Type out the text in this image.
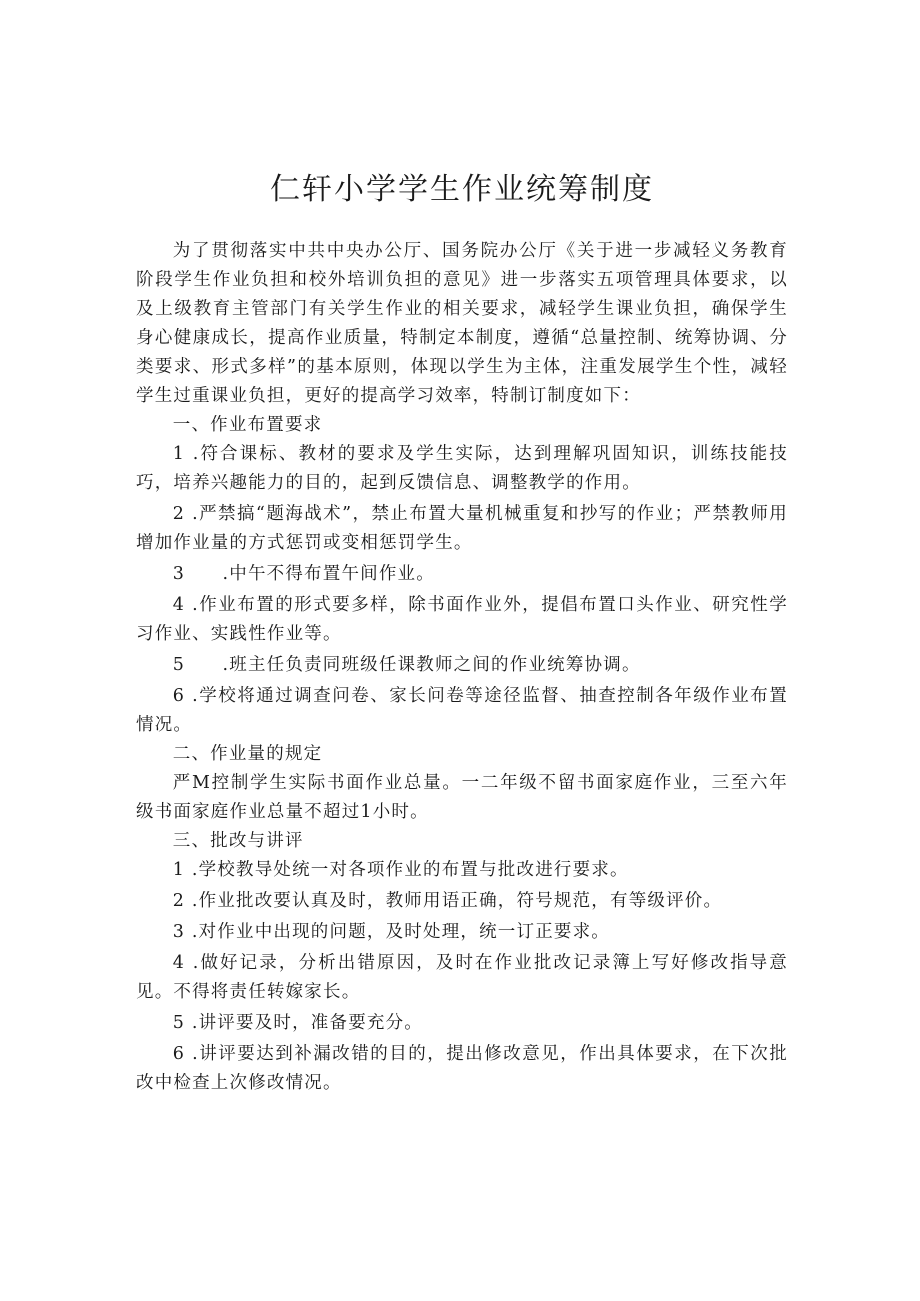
仁轩小学学生作业统筹制度

为了贯彻落实中共中央办公厅、国务院办公厅《关于进一步减轻义务教育阶段学生作业负担和校外培训负担的意见》进一步落实五项管理具体要求，以及上级教育主管部门有关学生作业的相关要求，减轻学生课业负担，确保学生身心健康成长，提高作业质量，特制定本制度，遵循“总量控制、统筹协调、分类要求、形式多样”的基本原则，体现以学生为主体，注重发展学生个性，减轻学生过重课业负担，更好的提高学习效率，特制订制度如下：

一、作业布置要求

1 .符合课标、教材的要求及学生实际，达到理解巩固知识，训练技能技巧，培养兴趣能力的目的，起到反馈信息、调整教学的作用。

2 .严禁搞“题海战术”，禁止布置大量机械重复和抄写的作业；严禁教师用增加作业量的方式惩罚或变相惩罚学生。

3  .中午不得布置午间作业。

4 .作业布置的形式要多样，除书面作业外，提倡布置口头作业、研究性学习作业、实践性作业等。

5  .班主任负责同班级任课教师之间的作业统筹协调。

6 .学校将通过调查问卷、家长问卷等途径监督、抽查控制各年级作业布置情况。

二、作业量的规定

严M控制学生实际书面作业总量。一二年级不留书面家庭作业，三至六年级书面家庭作业总量不超过1小时。

三、批改与讲评

1 .学校教导处统一对各项作业的布置与批改进行要求。

2 .作业批改要认真及时，教师用语正确，符号规范，有等级评价。

3 .对作业中出现的问题，及时处理，统一订正要求。

4 .做好记录，分析出错原因，及时在作业批改记录簿上写好修改指导意见。不得将责任转嫁家长。

5 .讲评要及时，准备要充分。

6 .讲评要达到补漏改错的目的，提出修改意见，作出具体要求，在下次批改中检查上次修改情况。
